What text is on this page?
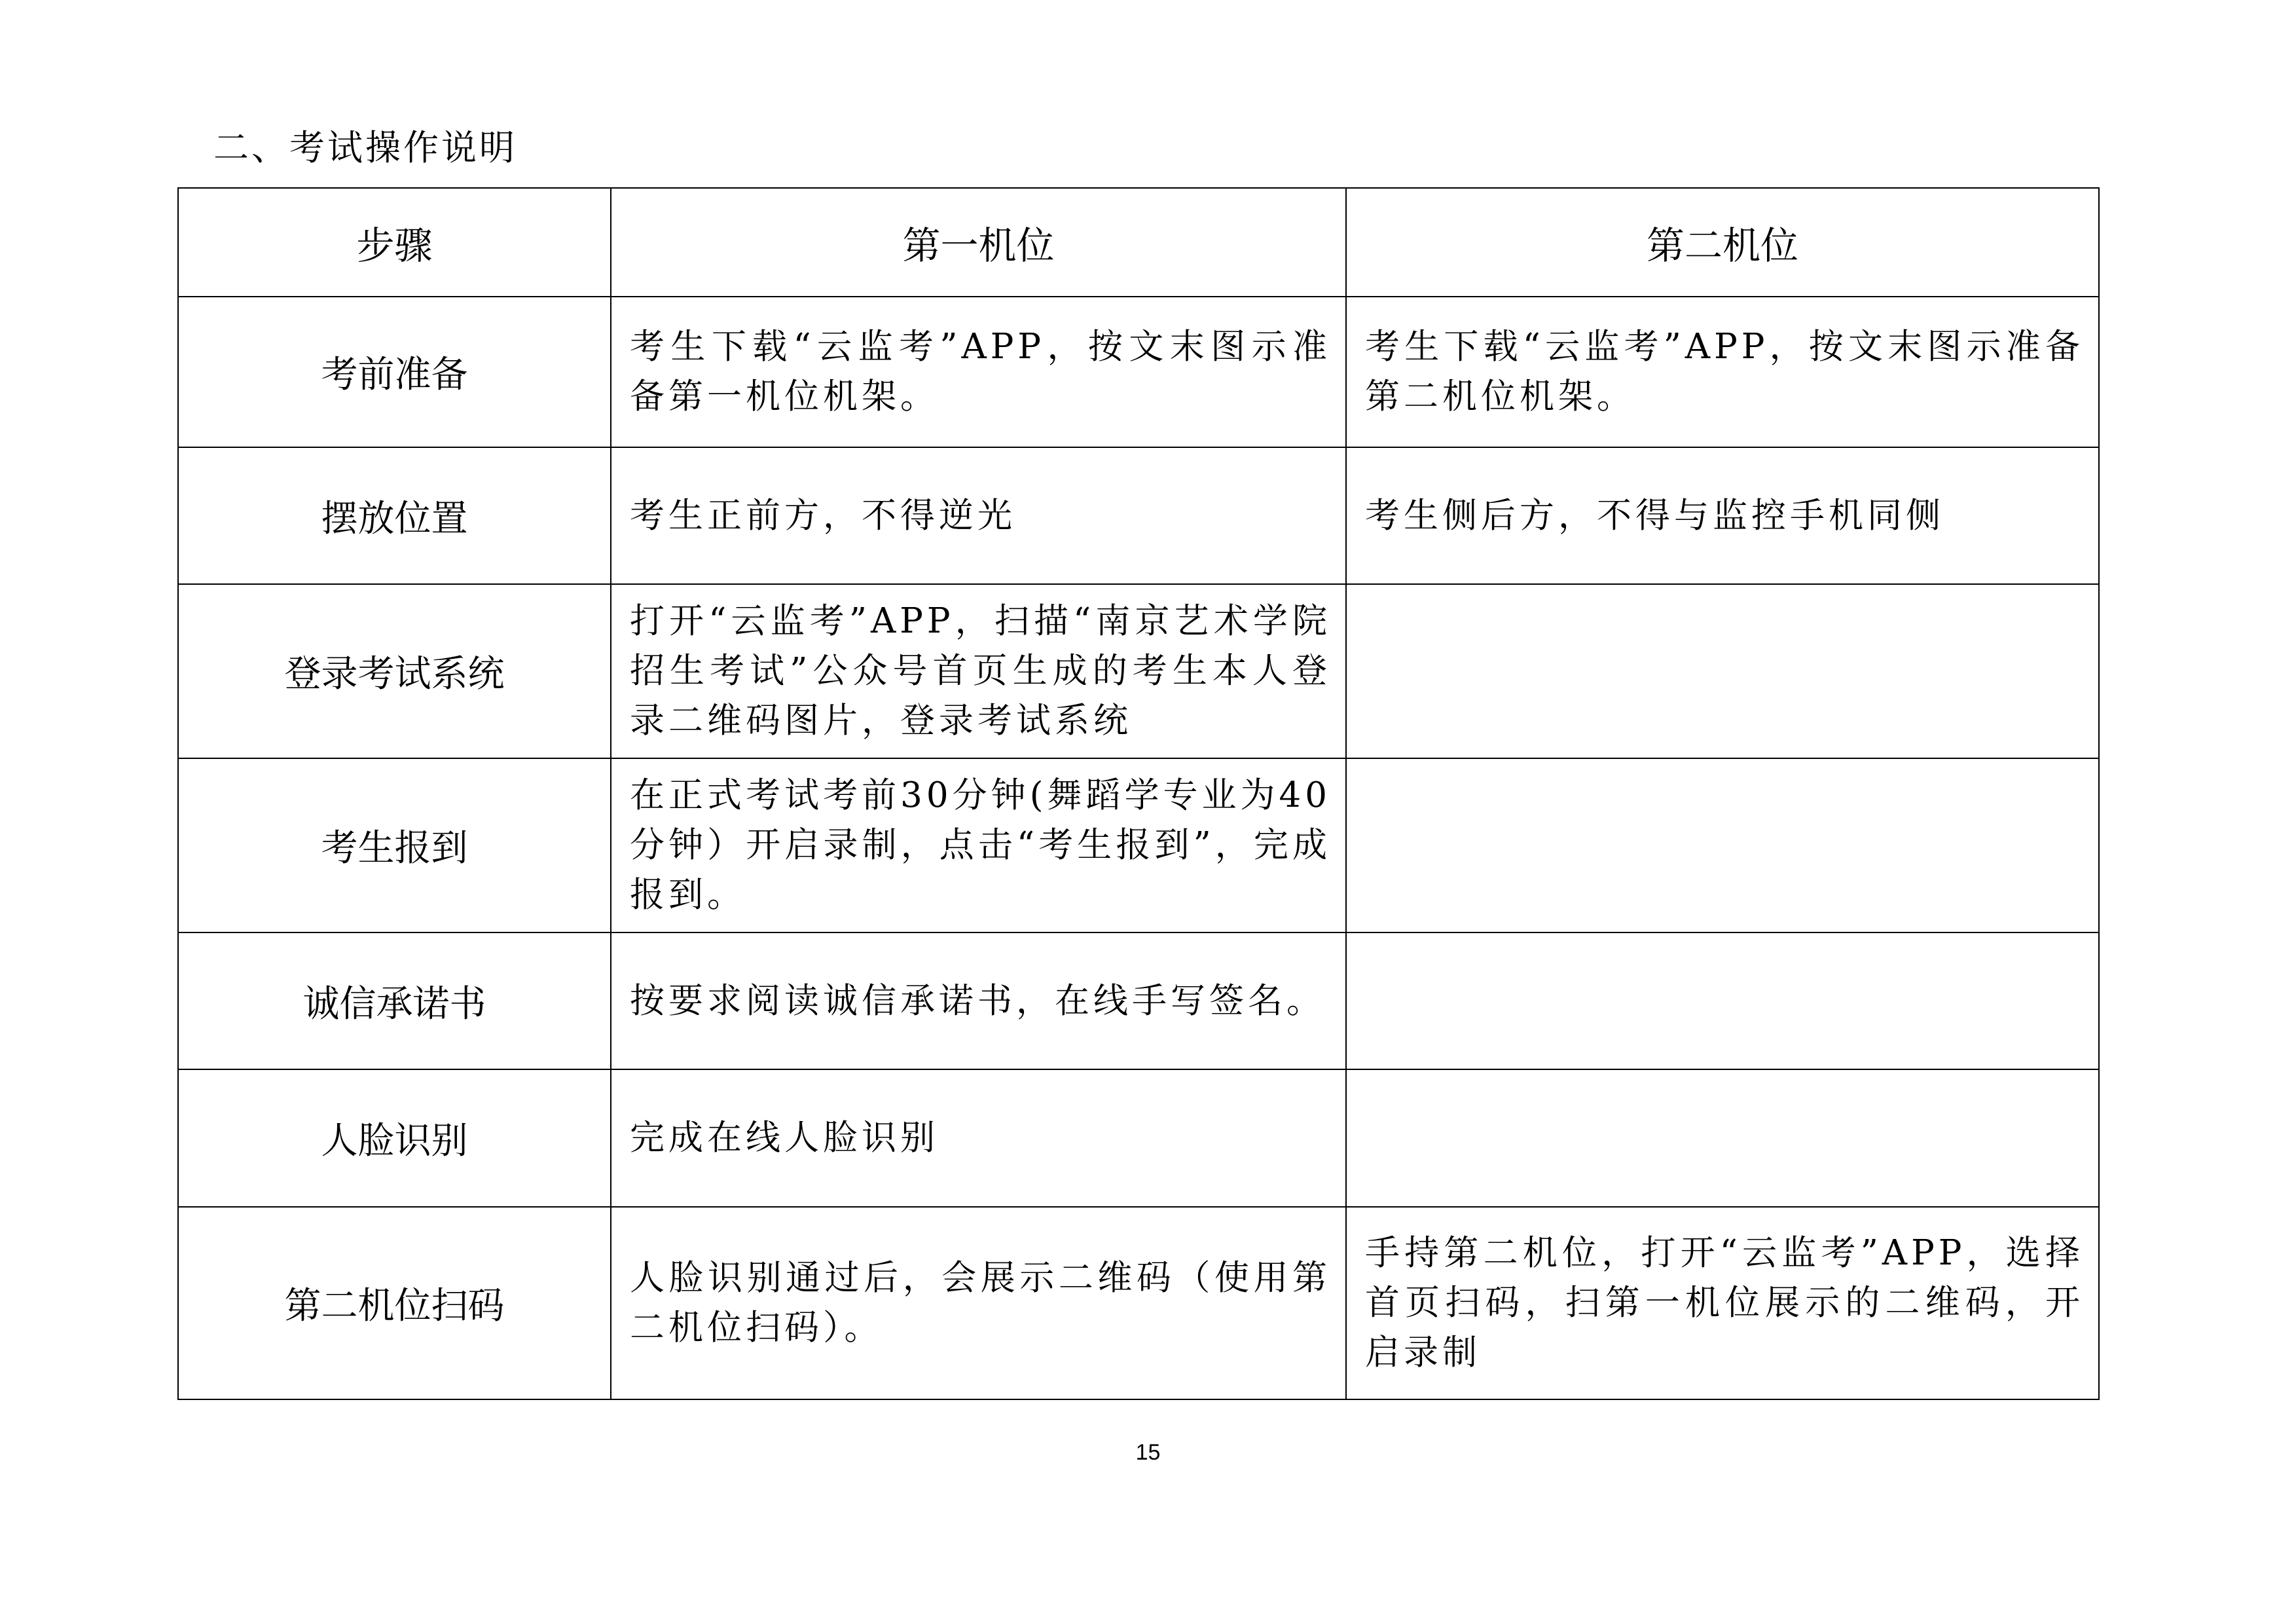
二、考试操作说明
步骤	第一机位	第二机位
考前准备	考生下载“云监考”APP，按文末图示准备第一机位机架。	考生下载“云监考”APP，按文末图示准备第二机位机架。
摆放位置	考生正前方，不得逆光	考生侧后方，不得与监控手机同侧
登录考试系统	打开“云监考”APP，扫描“南京艺术学院招生考试”公众号首页生成的考生本人登录二维码图片，登录考试系统	
考生报到	在正式考试考前30分钟(舞蹈学专业为40分钟）开启录制，点击“考生报到”，完成报到。	
诚信承诺书	按要求阅读诚信承诺书，在线手写签名。	
人脸识别	完成在线人脸识别	
第二机位扫码	人脸识别通过后，会展示二维码（使用第二机位扫码）。	手持第二机位，打开“云监考”APP，选择首页扫码，扫第一机位展示的二维码，开启录制
15
